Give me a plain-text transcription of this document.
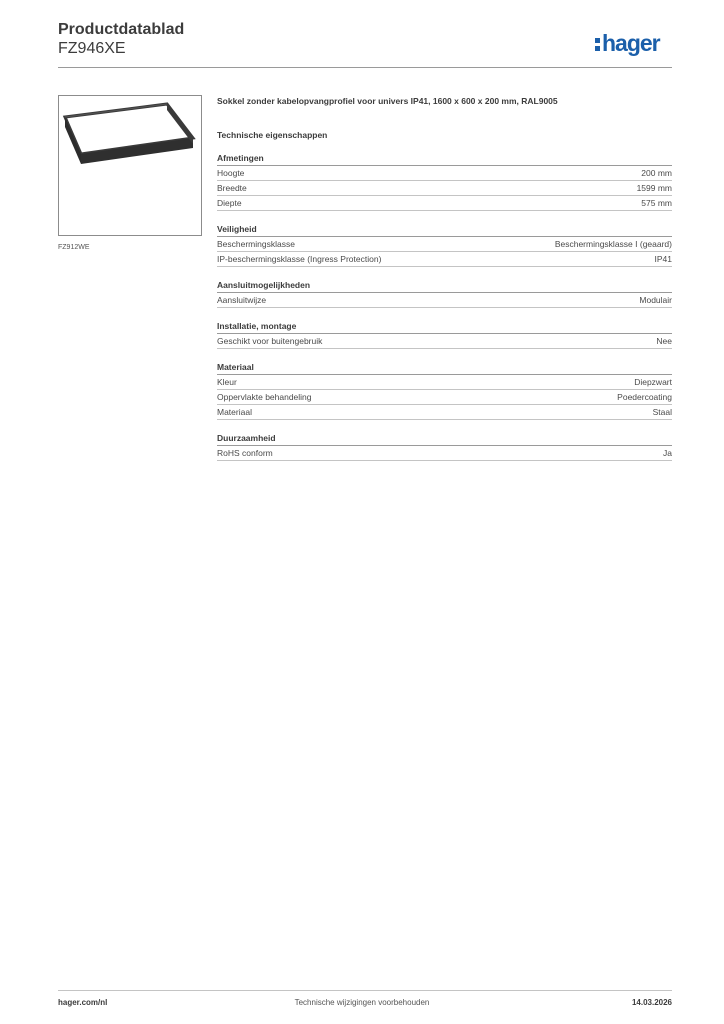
Productdatablad
FZ946XE	hager
FZ912WE
Sokkel zonder kabelopvangprofiel voor univers IP41, 1600 x 600 x 200 mm, RAL9005
Technische eigenschappen
Afmetingen
Hoogte	200 mm
Breedte	1599 mm
Diepte	575 mm
Veiligheid
Beschermingsklasse	Beschermingsklasse I (geaard)
IP-beschermingsklasse (Ingress Protection)	IP41
Aansluitmogelijkheden
Aansluitwijze	Modulair
Installatie, montage
Geschikt voor buitengebruik	Nee
Materiaal
Kleur	Diepzwart
Oppervlakte behandeling	Poedercoating
Materiaal	Staal
Duurzaamheid
RoHS conform	Ja
hager.com/nl	Technische wijzigingen voorbehouden	14.03.2026
